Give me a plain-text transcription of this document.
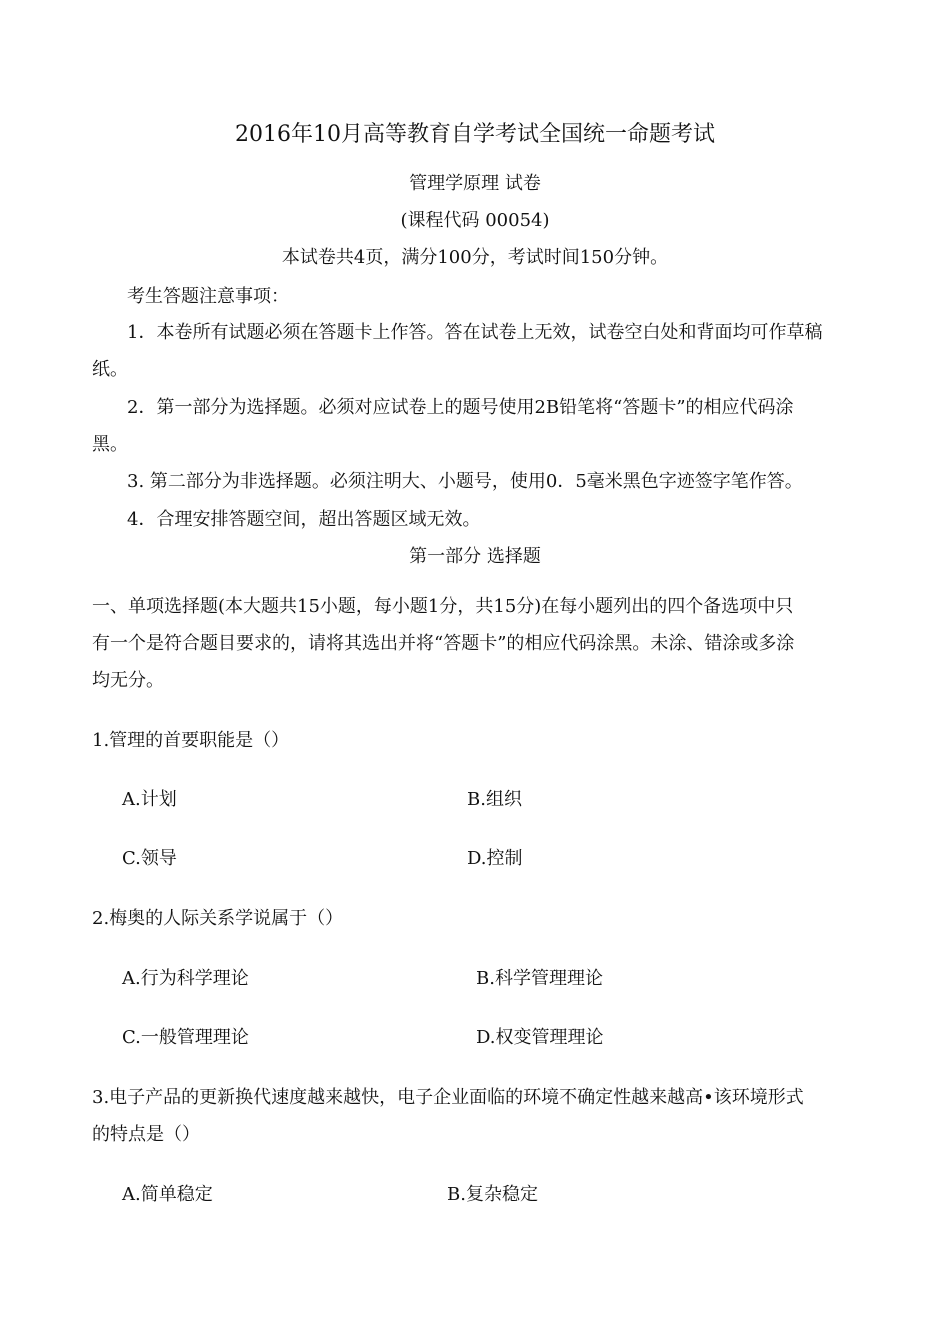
2016年10月高等教育自学考试全国统一命题考试
管理学原理 试卷
(课程代码 00054)
本试卷共4页，满分100分，考试时间150分钟。
考生答题注意事项：
1．本卷所有试题必须在答题卡上作答。答在试卷上无效，试卷空白处和背面均可作草稿
纸。
2．第一部分为选择题。必须对应试卷上的题号使用2B铅笔将“答题卡”的相应代码涂
黑。
3. 第二部分为非选择题。必须注明大、小题号，使用0．5毫米黑色字迹签字笔作答。
4．合理安排答题空间，超出答题区域无效。
第一部分 选择题
一、单项选择题(本大题共15小题，每小题1分，共15分)在每小题列出的四个备选项中只
有一个是符合题目要求的，请将其选出并将“答题卡”的相应代码涂黑。未涂、错涂或多涂
均无分。
1.管理的首要职能是（）
A.计划	B.组织
C.领导	D.控制
2.梅奥的人际关系学说属于（）
A.行为科学理论	B.科学管理理论
C.一般管理理论	D.权变管理理论
3.电子产品的更新换代速度越来越快，电子企业面临的环境不确定性越来越高•该环境形式
的特点是（）
A.简单稳定	B.复杂稳定
